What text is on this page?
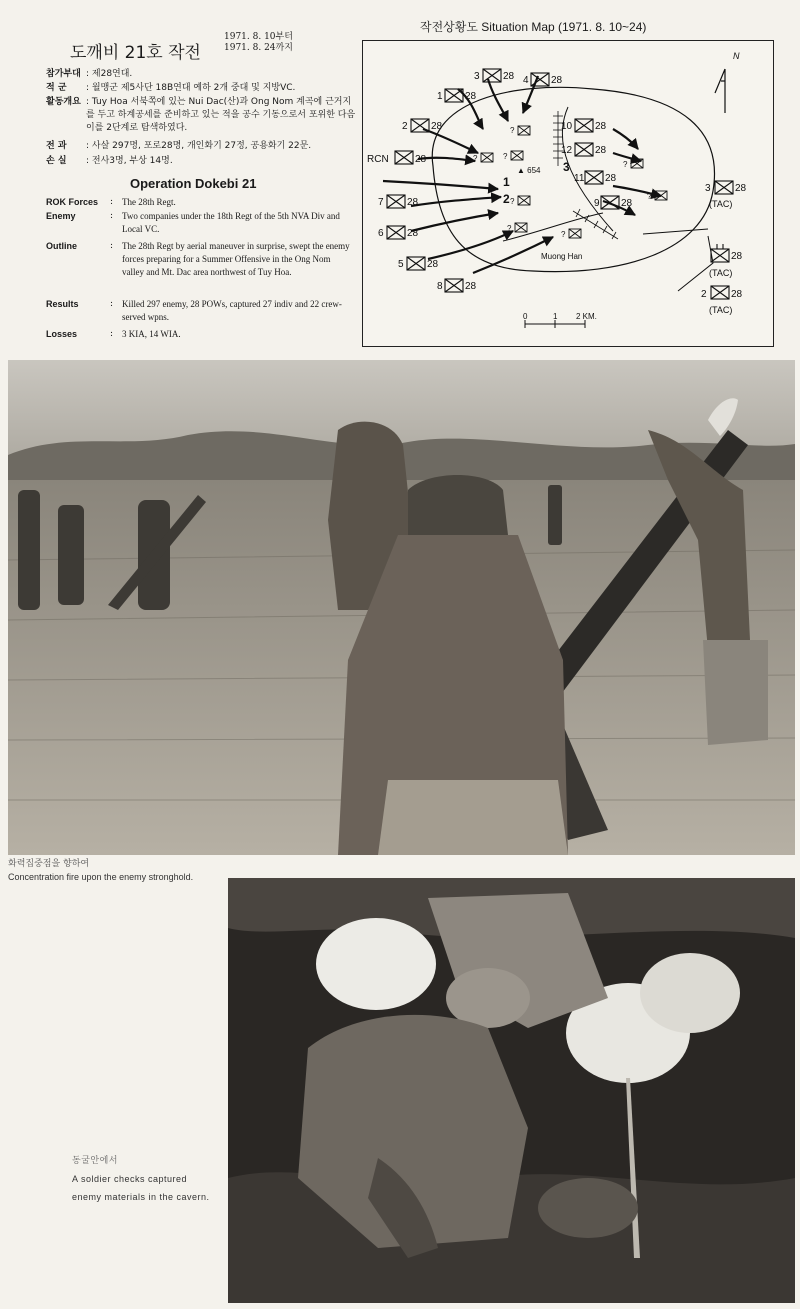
도깨비 21호 작전
1971. 8. 10부터
1971. 8. 24까지
참가부대 : 제28연대.
적 군 : 월맹군 제5사단 18B연대 예하 2개 중대 및 지방VC.
활동개요 : Tuy Hoa 서북쪽에 있는 Nui Dac(산)과 Ong Nom 계곡에 근거지를 두고 하계공세를 준비하고 있는 적을 공수 기동으로서 포위한 다음 이를 2단계로 탐색하였다.
전 과 : 사살 297명, 포로28명, 개인화기 27정, 공용화기 22문.
손 실 : 전사3명, 부상 14명.
Operation Dokebi 21
ROK Forces : The 28th Regt.
Enemy	: Two companies under the 18th Regt of the 5th NVA Div and Local VC.
Outline	: The 28th Regt by aerial maneuver in surprise, swept the enemy forces preparing for a Summer Offensive in the Ong Nom valley and Mt. Dac area northwest of Tuy Hoa.
Results	: Killed 297 enemy, 28 POWs, captured 27 indiv and 22 crew-served wpns.
Losses	: 3 KIA, 14 WIA.
작전상황도 Situation Map (1971. 8. 10~24)
?
?	?
?
?
?
?
?
1 28
3 28 4 28
2 28
RCN	28
7 28
6 28
5 28
8 28
10 28
12 28
11 28
9 28
3 28
(TAC)
28
(TAC)
2 28
(TAC)
1
2
3
▲ 654
Muong Han
N
0	1 2 KM.
화력집중점을 향하여
Concentration fire upon the enemy stronghold.
동굴안에서
A soldier checks captured
enemy materials in the cavern.
